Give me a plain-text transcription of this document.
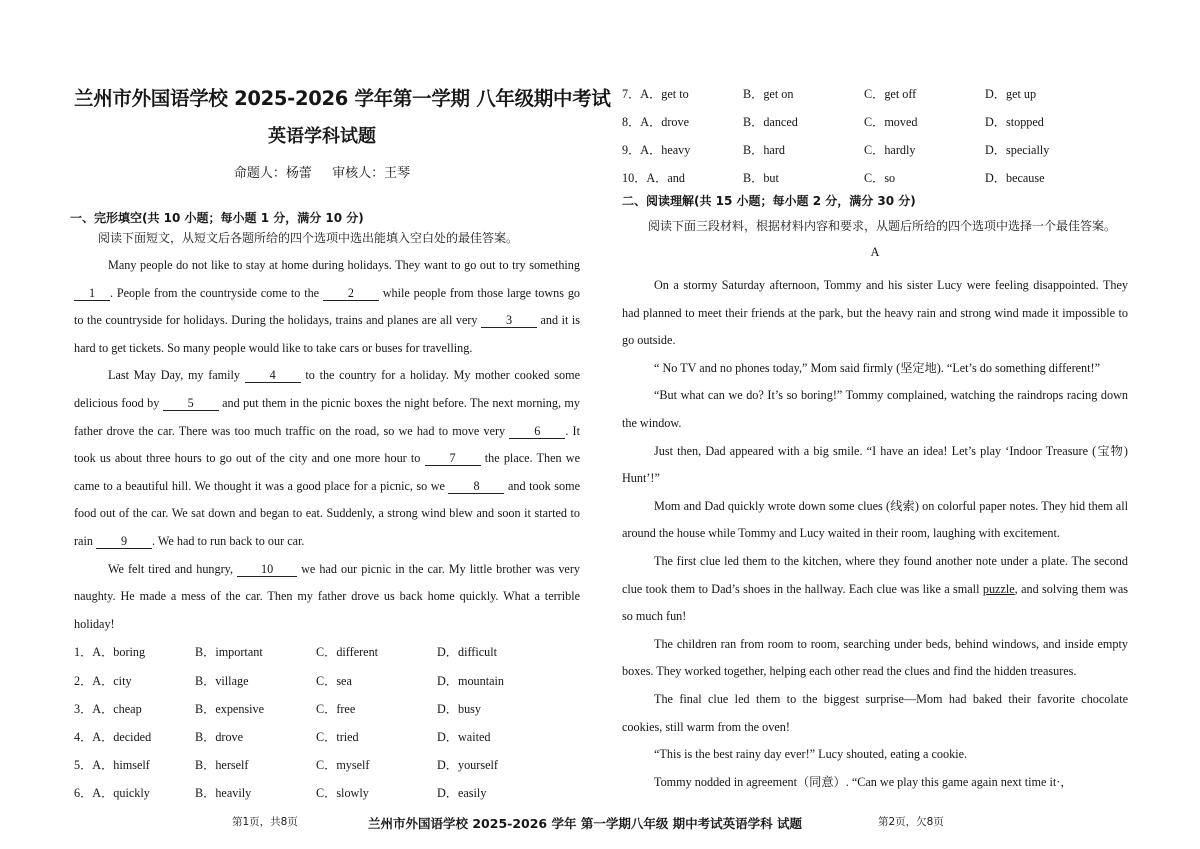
兰州市外国语学校 2025-2026 学年第一学期 八年级期中考试
英语学科试题
命题人：杨蕾 审核人：王琴
一、完形填空(共 10 小题；每小题 1 分，满分 10 分)
阅读下面短文，从短文后各题所给的四个选项中选出能填入空白处的最佳答案。

Many people do not like to stay at home during holidays. They want to go out to try something 1 . People from the countryside come to the 2 while people from those large towns go to the countryside for holidays. During the holidays, trains and planes are all very 3 and it is hard to get tickets. So many people would like to take cars or buses for travelling.

Last May Day, my family 4 to the country for a holiday. My mother cooked some delicious food by 5 and put them in the picnic boxes the night before. The next morning, my father drove the car. There was too much traffic on the road, so we had to move very 6 . It took us about three hours to go out of the city and one more hour to 7 the place. Then we came to a beautiful hill. We thought it was a good place for a picnic, so we 8 and took some food out of the car. We sat down and began to eat. Suddenly, a strong wind blew and soon it started to rain 9 . We had to run back to our car.

We felt tired and hungry, 10 we had our picnic in the car. My little brother was very naughty. He made a mess of the car. Then my father drove us back home quickly. What a terrible holiday!

1．A．boring	B．important	C．different	D．difficult
2．A．city	B．village	C．sea	D．mountain
3．A．cheap	B．expensive	C．free	D．busy
4．A．decided	B．drove	C．tried	D．waited
5．A．himself	B．herself	C．myself	D．yourself
6．A．quickly	B．heavily	C．slowly	D．easily
7．A．get to	B．get on	C．get off	D．get up
8．A．drove	B．danced	C．moved	D．stopped
9．A．heavy	B．hard	C．hardly	D．specially
10．A．and	B．but	C．so	D．because
二、阅读理解(共 15 小题；每小题 2 分，满分 30 分)
阅读下面三段材料，根据材料内容和要求，从题后所给的四个选项中选择一个最佳答案。
A

On a stormy Saturday afternoon, Tommy and his sister Lucy were feeling disappointed. They had planned to meet their friends at the park, but the heavy rain and strong wind made it impossible to go outside.

“ No TV and no phones today,” Mom said firmly (坚定地). “Let’s do something different!”

“But what can we do? It’s so boring!” Tommy complained, watching the raindrops racing down the window.

Just then, Dad appeared with a big smile. “I have an idea! Let’s play ‘Indoor Treasure (宝物) Hunt’!”

Mom and Dad quickly wrote down some clues (线索) on colorful paper notes. They hid them all around the house while Tommy and Lucy waited in their room, laughing with excitement.

The first clue led them to the kitchen, where they found another note under a plate. The second clue took them to Dad’s shoes in the hallway. Each clue was like a small puzzle, and solving them was so much fun!

The children ran from room to room, searching under beds, behind windows, and inside empty boxes. They worked together, helping each other read the clues and find the hidden treasures.

The final clue led them to the biggest surprise—Mom had baked their favorite chocolate cookies, still warm from the oven!

“This is the best rainy day ever!” Lucy shouted, eating a cookie.

Tommy nodded in agreement（同意）. “Can we play this game again next time it·，

第1页，共8页	兰州市外国语学校 2025-2026 学年 第一学期八年级 期中考试英语学科 试题	第2页，欠8页
